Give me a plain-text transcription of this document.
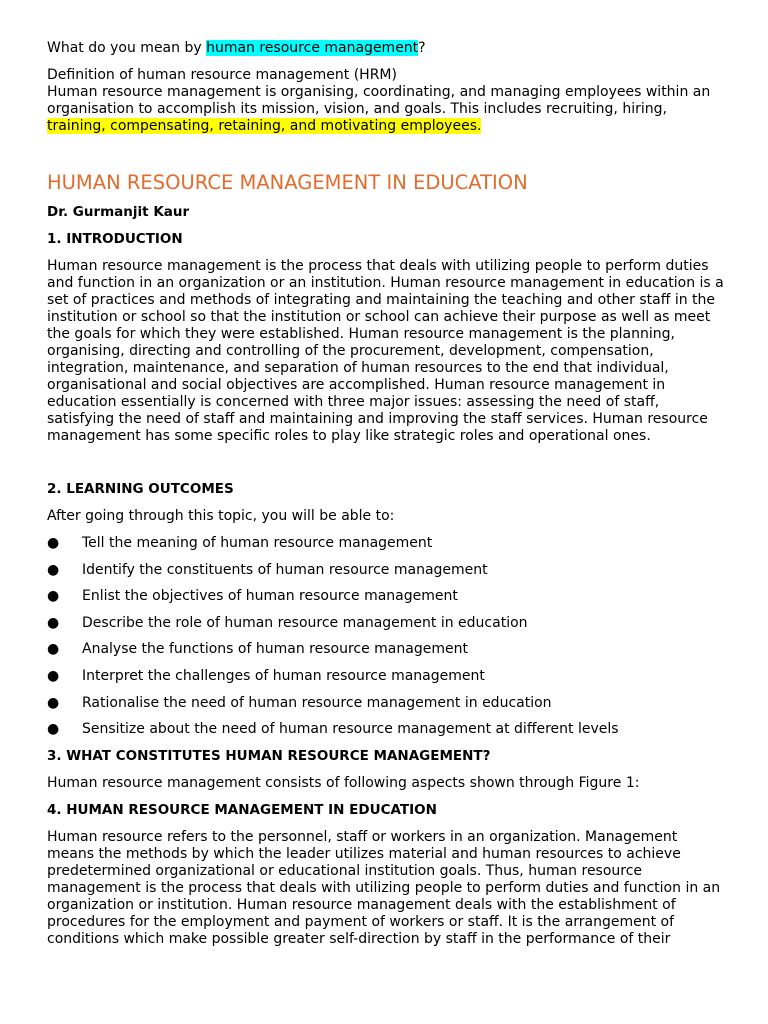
What do you mean by human resource management?

Definition of human resource management (HRM)

Human resource management is organising, coordinating, and managing employees within an organisation to accomplish its mission, vision, and goals. This includes recruiting, hiring, training, compensating, retaining, and motivating employees.

HUMAN RESOURCE MANAGEMENT IN EDUCATION

Dr. Gurmanjit Kaur

1. INTRODUCTION

Human resource management is the process that deals with utilizing people to perform duties and function in an organization or an institution. Human resource management in education is a set of practices and methods of integrating and maintaining the teaching and other staff in the institution or school so that the institution or school can achieve their purpose as well as meet the goals for which they were established. Human resource management is the planning, organising, directing and controlling of the procurement, development, compensation, integration, maintenance, and separation of human resources to the end that individual, organisational and social objectives are accomplished. Human resource management in education essentially is concerned with three major issues: assessing the need of staff, satisfying the need of staff and maintaining and improving the staff services. Human resource management has some specific roles to play like strategic roles and operational ones.

2. LEARNING OUTCOMES

After going through this topic, you will be able to:

●	Tell the meaning of human resource management
●	Identify the constituents of human resource management
●	Enlist the objectives of human resource management
●	Describe the role of human resource management in education
●	Analyse the functions of human resource management
●	Interpret the challenges of human resource management
●	Rationalise the need of human resource management in education
●	Sensitize about the need of human resource management at different levels

3. WHAT CONSTITUTES HUMAN RESOURCE MANAGEMENT?

Human resource management consists of following aspects shown through Figure 1:

4. HUMAN RESOURCE MANAGEMENT IN EDUCATION

Human resource refers to the personnel, staff or workers in an organization. Management means the methods by which the leader utilizes material and human resources to achieve predetermined organizational or educational institution goals. Thus, human resource management is the process that deals with utilizing people to perform duties and function in an organization or institution. Human resource management deals with the establishment of procedures for the employment and payment of workers or staff. It is the arrangement of conditions which make possible greater self-direction by staff in the performance of their
